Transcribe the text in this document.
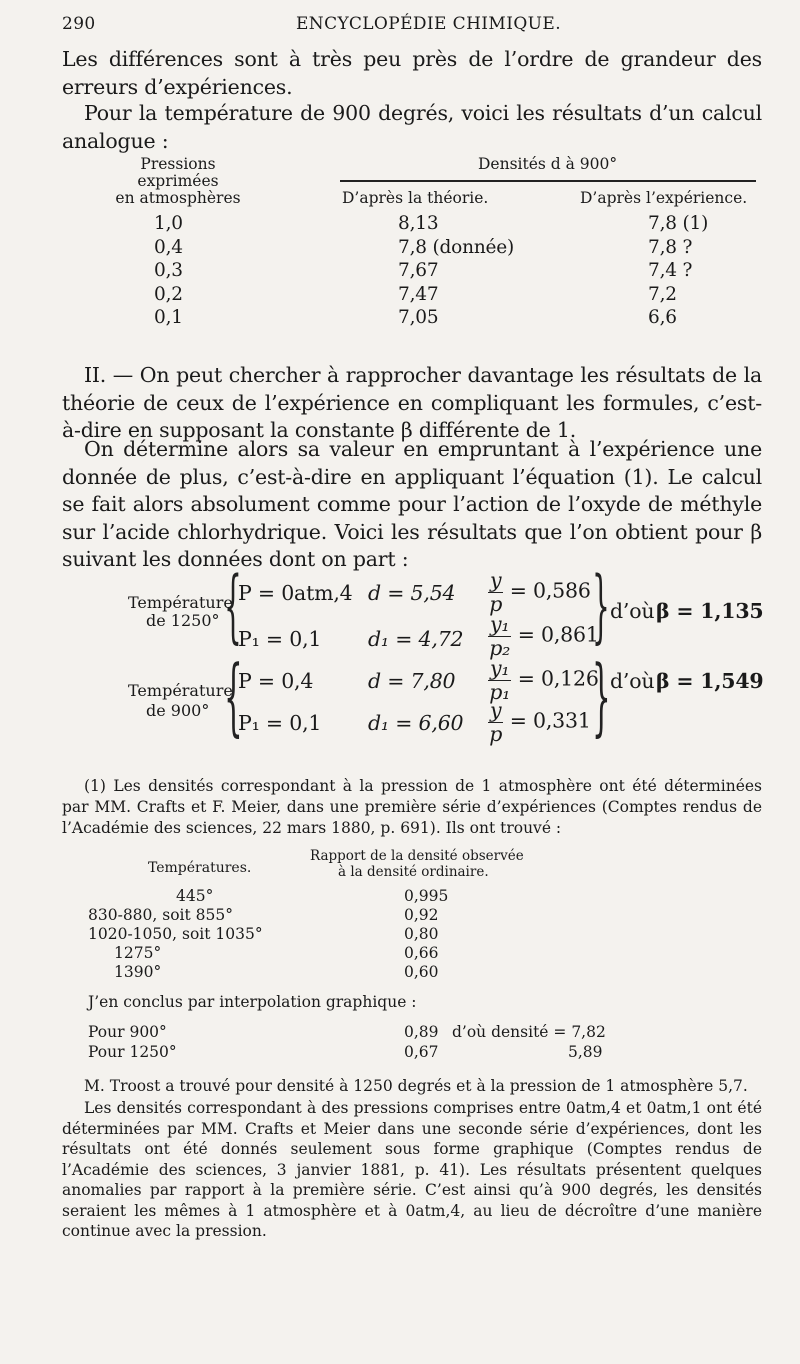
290	ENCYCLOPÉDIE CHIMIQUE.
Les différences sont à très peu près de l’ordre de grandeur des erreurs d’expériences.
Pour la température de 900 degrés, voici les résultats d’un calcul analogue :
Pressions
exprimées
en atmosphères
Densités d à 900°
D’après la théorie.	D’après l’expérience.
1,0	8,13	7,8 (1)
0,4	7,8 (donnée)	7,8 ?
0,3	7,67	7,4 ?
0,2	7,47	7,2
0,1	7,05	6,6
II. — On peut chercher à rapprocher davantage les résultats de la théorie de ceux de l’expérience en compliquant les formules, c’est-à-dire en supposant la constante β différente de 1.
On détermine alors sa valeur en empruntant à l’expérience une donnée de plus, c’est-à-dire en appliquant l’équation (1). Le calcul se fait alors absolument comme pour l’action de l’oxyde de méthyle sur l’acide chlorhydrique. Voici les résultats que l’on obtient pour β suivant les données dont on part :
Température
de 1250° {
P = 0atm,4 $d = 5,54 \frac{y}{p} = 0,586$
P₁ = 0,1 $d_1 = 4,72 \frac{\text{y₁}}{\text{p₂}} = 0,861$
} d’où β = 1,135
Température
de 900° {
P = 0,4	$d = 7,80 \frac{\text{y₁}}{\text{p₁}} = 0,126$
P₁ = 0,1 $d_1 = 6,60 \frac{y}{p} = 0,331$ } d’où β = 1,549
(1) Les densités correspondant à la pression de 1 atmosphère ont été déterminées par MM. Crafts et F. Meier, dans une première série d’expériences (Comptes rendus de l’Académie des sciences, 22 mars 1880, p. 691). Ils ont trouvé :
Températures.
Rapport de la densité observée
à la densité ordinaire.
445°	0,995
830-880, soit 855°	0,92
1020-1050, soit 1035°	0,80
1275°	0,66
1390°	0,60
J’en conclus par interpolation graphique :
Pour 900°	0,89 d’où densité = 7,82
Pour 1250°	0,67	5,89
M. Troost a trouvé pour densité à 1250 degrés et à la pression de 1 atmosphère 5,7.
Les densités correspondant à des pressions comprises entre 0atm,4 et 0atm,1 ont été déterminées par MM. Crafts et Meier dans une seconde série d’expériences, dont les résultats ont été donnés seulement sous forme graphique (Comptes rendus de l’Académie des sciences, 3 janvier 1881, p. 41). Les résultats présentent quelques anomalies par rapport à la première série. C’est ainsi qu’à 900 degrés, les densités seraient les mêmes à 1 atmosphère et à 0atm,4, au lieu de décroître d’une manière continue avec la pression.
